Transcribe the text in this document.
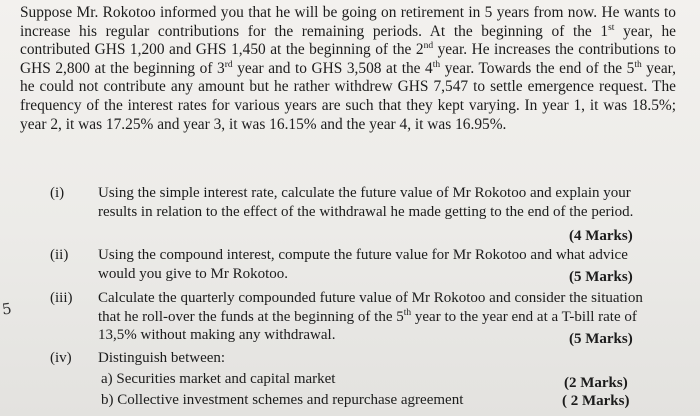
Suppose Mr. Rokotoo informed you that he will be going on retirement in 5 years from now. He wants to increase his regular contributions for the remaining periods. At the beginning of the 1st year, he contributed GHS 1,200 and GHS 1,450 at the beginning of the 2nd year. He increases the contributions to GHS 2,800 at the beginning of 3rd year and to GHS 3,508 at the 4th year. Towards the end of the 5th year, he could not contribute any amount but he rather withdrew GHS 7,547 to settle emergence request. The frequency of the interest rates for various years are such that they kept varying. In year 1, it was 18.5%; year 2, it was 17.25% and year 3, it was 16.15% and the year 4, it was 16.95%.

(i)	Using the simple interest rate, calculate the future value of Mr Rokotoo and explain your results in relation to the effect of the withdrawal he made getting to the end of the period.
(4 Marks)
(ii)	Using the compound interest, compute the future value for Mr Rokotoo and what advice would you give to Mr Rokotoo.	(5 Marks)
(iii)	Calculate the quarterly compounded future value of Mr Rokotoo and consider the situation that he roll-over the funds at the beginning of the 5th year to the year end at a T-bill rate of 13,5% without making any withdrawal.	(5 Marks)
(iv)	Distinguish between:
a) Securities market and capital market	(2 Marks)
b) Collective investment schemes and repurchase agreement	( 2 Marks)
5
